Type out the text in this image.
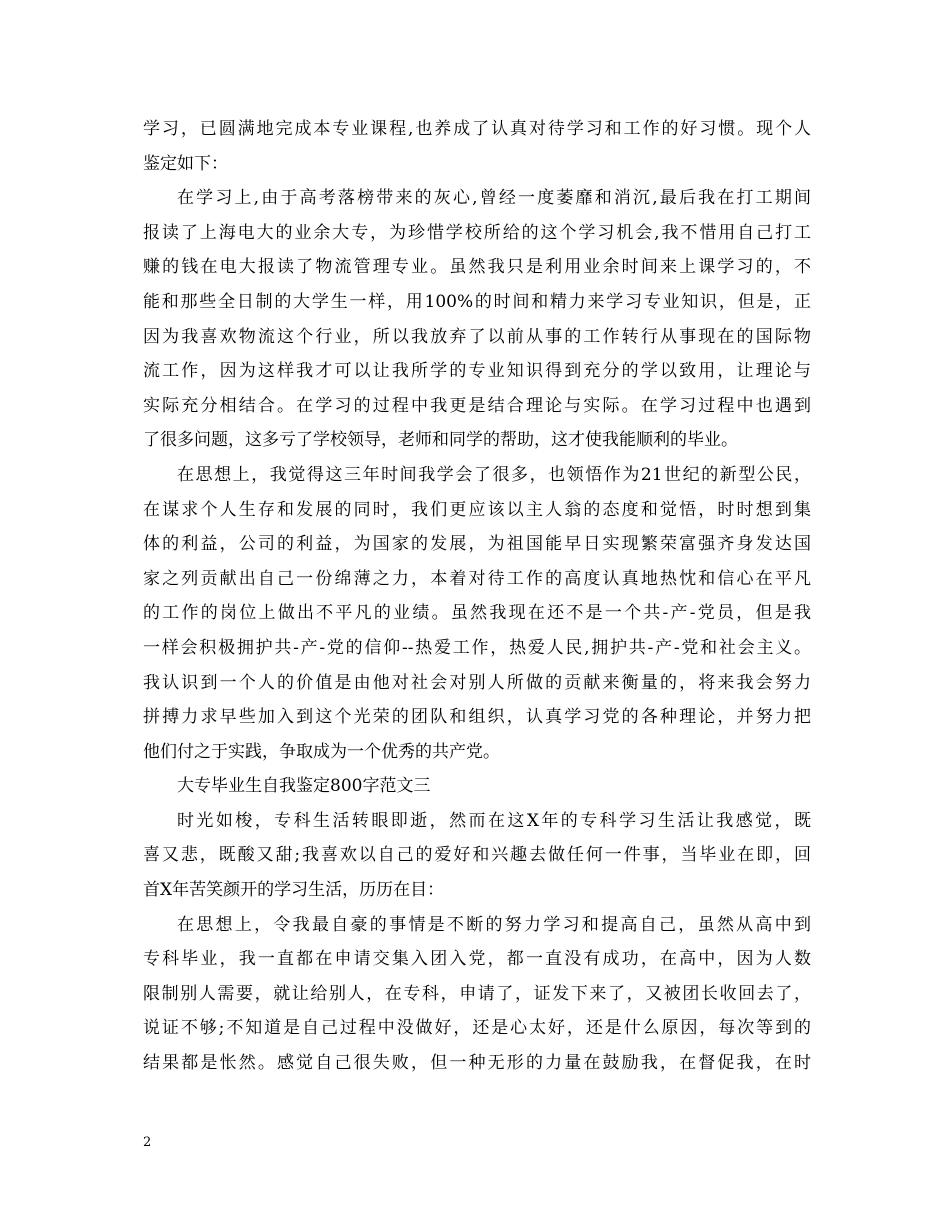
学习，已圆满地完成本专业课程,也养成了认真对待学习和工作的好习惯。现个人
鉴定如下：
在学习上,由于高考落榜带来的灰心,曾经一度萎靡和消沉,最后我在打工期间
报读了上海电大的业余大专，为珍惜学校所给的这个学习机会,我不惜用自己打工
赚的钱在电大报读了物流管理专业。虽然我只是利用业余时间来上课学习的，不
能和那些全日制的大学生一样，用100%的时间和精力来学习专业知识，但是，正
因为我喜欢物流这个行业，所以我放弃了以前从事的工作转行从事现在的国际物
流工作，因为这样我才可以让我所学的专业知识得到充分的学以致用，让理论与
实际充分相结合。在学习的过程中我更是结合理论与实际。在学习过程中也遇到
了很多问题，这多亏了学校领导，老师和同学的帮助，这才使我能顺利的毕业。
在思想上，我觉得这三年时间我学会了很多，也领悟作为21世纪的新型公民，
在谋求个人生存和发展的同时，我们更应该以主人翁的态度和觉悟，时时想到集
体的利益，公司的利益，为国家的发展，为祖国能早日实现繁荣富强齐身发达国
家之列贡献出自己一份绵薄之力，本着对待工作的高度认真地热忱和信心在平凡
的工作的岗位上做出不平凡的业绩。虽然我现在还不是一个共-产-党员，但是我
一样会积极拥护共-产-党的信仰--热爱工作，热爱人民,拥护共-产-党和社会主义。
我认识到一个人的价值是由他对社会对别人所做的贡献来衡量的，将来我会努力
拼搏力求早些加入到这个光荣的团队和组织，认真学习党的各种理论，并努力把
他们付之于实践，争取成为一个优秀的共产党。
大专毕业生自我鉴定800字范文三
时光如梭，专科生活转眼即逝，然而在这X年的专科学习生活让我感觉，既
喜又悲，既酸又甜;我喜欢以自己的爱好和兴趣去做任何一件事，当毕业在即，回
首X年苦笑颜开的学习生活，历历在目：
在思想上，令我最自豪的事情是不断的努力学习和提高自己，虽然从高中到
专科毕业，我一直都在申请交集入团入党，都一直没有成功，在高中，因为人数
限制别人需要，就让给别人，在专科，申请了，证发下来了，又被团长收回去了，
说证不够;不知道是自己过程中没做好，还是心太好，还是什么原因，每次等到的
结果都是怅然。感觉自己很失败，但一种无形的力量在鼓励我，在督促我，在时
2
